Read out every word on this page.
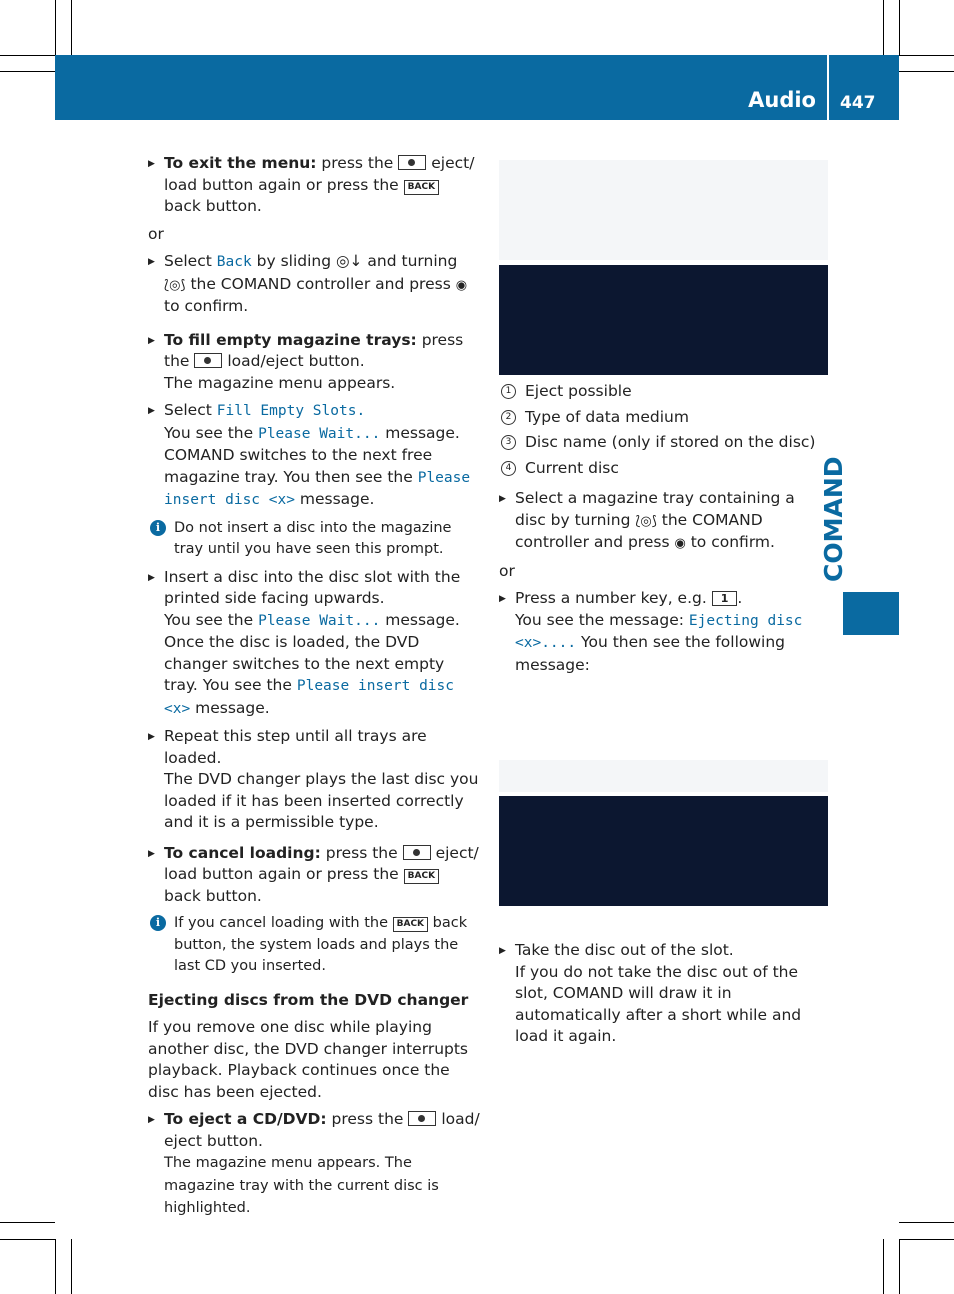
Audio 447
COMAND

▶ To exit the menu: press the eject/ load button again or press the BACK back button.

or

▶ Select Back by sliding ◎↓ and turning ⟅◎⟆ the COMAND controller and press ◉ to confirm.

▶ To fill empty magazine trays: press the load/eject button.
The magazine menu appears.

▶ Select Fill Empty Slots.
You see the Please Wait... message. COMAND switches to the next free magazine tray. You then see the Please insert disc <x> message.

i Do not insert a disc into the magazine tray until you have seen this prompt.

▶ Insert a disc into the disc slot with the printed side facing upwards.
You see the Please Wait... message. Once the disc is loaded, the DVD changer switches to the next empty tray. You see the Please insert disc <x> message.

▶ Repeat this step until all trays are loaded.
The DVD changer plays the last disc you loaded if it has been inserted correctly and it is a permissible type.

▶ To cancel loading: press the eject/ load button again or press the BACK back button.

i If you cancel loading with the BACK back button, the system loads and plays the last CD you inserted.

Ejecting discs from the DVD changer

If you remove one disc while playing another disc, the DVD changer interrupts playback. Playback continues once the disc has been ejected.

▶ To eject a CD/DVD: press the load/ eject button.
The magazine menu appears. The magazine tray with the current disc is highlighted.

1 Eject possible
2 Type of data medium
3 Disc name (only if stored on the disc)
4 Current disc

▶ Select a magazine tray containing a disc by turning ⟅◎⟆ the COMAND controller and press ◉ to confirm.

or

▶ Press a number key, e.g. 1 .
You see the message: Ejecting disc <x>.... You then see the following message:

▶ Take the disc out of the slot.
If you do not take the disc out of the slot, COMAND will draw it in automatically after a short while and load it again.
